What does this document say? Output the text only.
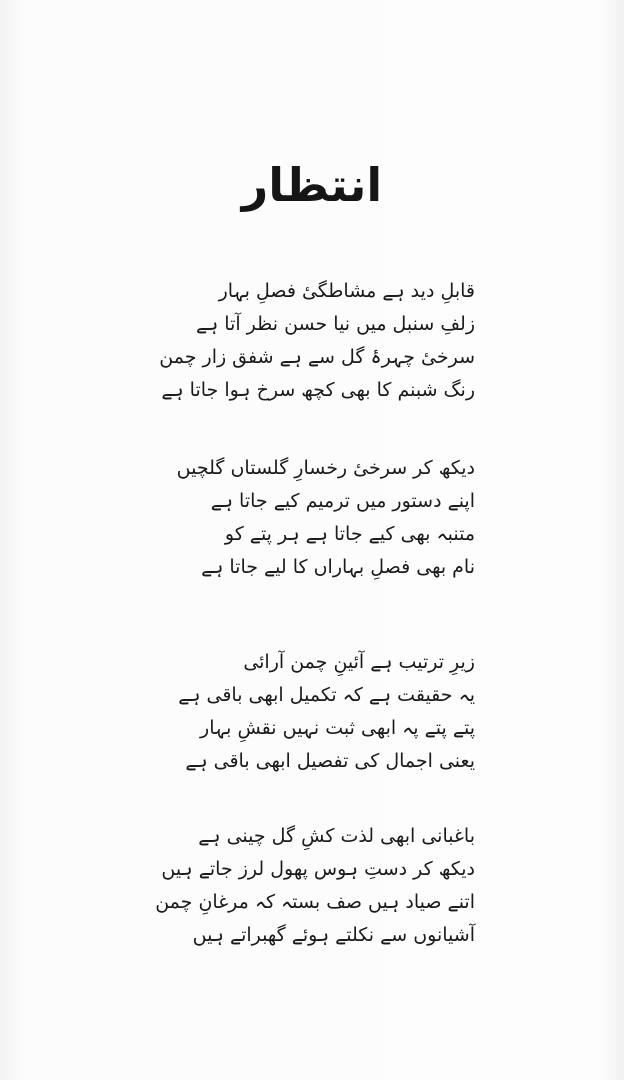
انتظار
قابلِ دید ہے مشاطگیٔ فصلِ بہار
زلفِ سنبل میں نیا حسن نظر آتا ہے
سرخیٔ چہرۂ گل سے ہے شفق زار چمن
رنگ شبنم کا بھی کچھ سرخ ہوا جاتا ہے
دیکھ کر سرخیٔ رخسارِ گلستاں گلچیں
اپنے دستور میں ترمیم کیے جاتا ہے
متنبہ بھی کیے جاتا ہے ہر پتے کو
نام بھی فصلِ بہاراں کا لیے جاتا ہے
زیرِ ترتیب ہے آئینِ چمن آرائی
یہ حقیقت ہے کہ تکمیل ابھی باقی ہے
پتے پتے پہ ابھی ثبت نہیں نقشِ بہار
یعنی اجمال کی تفصیل ابھی باقی ہے
باغبانی ابھی لذت کشِ گل چینی ہے
دیکھ کر دستِ ہوس پھول لرز جاتے ہیں
اتنے صیاد ہیں صف بستہ کہ مرغانِ چمن
آشیانوں سے نکلتے ہوئے گھبراتے ہیں
